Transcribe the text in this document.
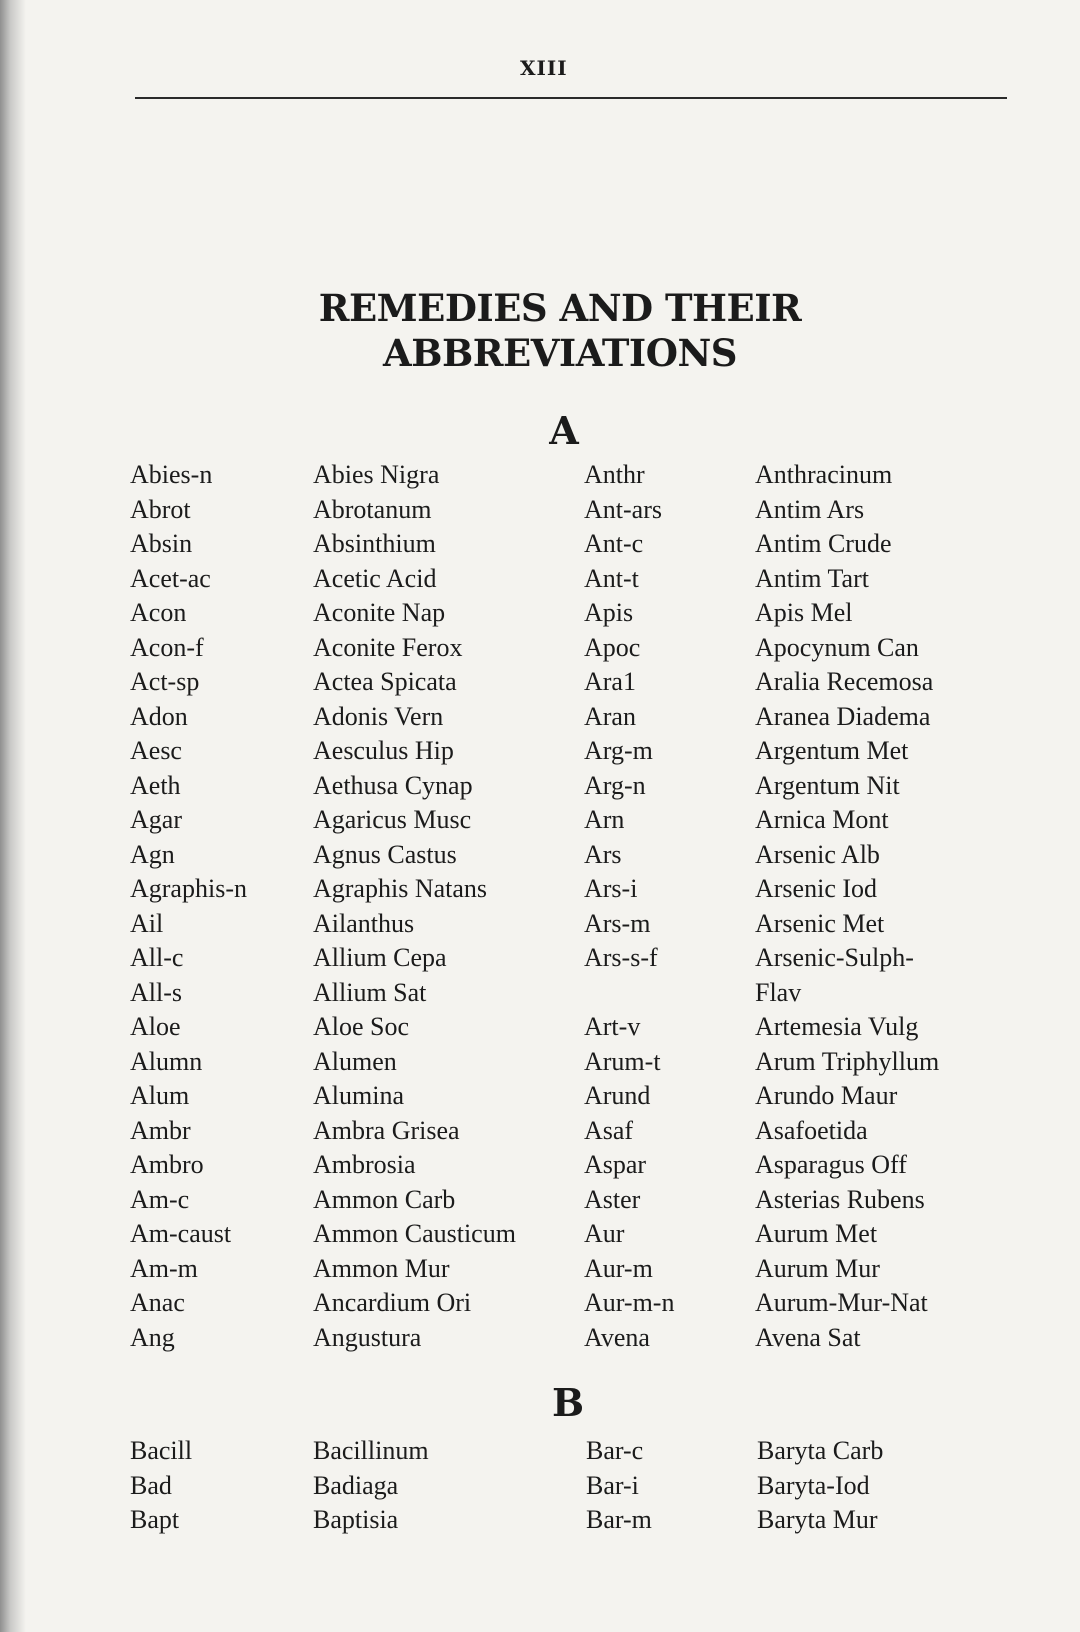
XIII
REMEDIES AND THEIR
ABBREVIATIONS
A
Abies-n
Abrot
Absin
Acet-ac
Acon
Acon-f
Act-sp
Adon
Aesc
Aeth
Agar
Agn
Agraphis-n
Ail
All-c
All-s
Aloe
Alumn
Alum
Ambr
Ambro
Am-c
Am-caust
Am-m
Anac
Ang
Abies Nigra
Abrotanum
Absinthium
Acetic Acid
Aconite Nap
Aconite Ferox
Actea Spicata
Adonis Vern
Aesculus Hip
Aethusa Cynap
Agaricus Musc
Agnus Castus
Agraphis Natans
Ailanthus
Allium Cepa
Allium Sat
Aloe Soc
Alumen
Alumina
Ambra Grisea
Ambrosia
Ammon Carb
Ammon Causticum
Ammon Mur
Ancardium Ori
Angustura
Anthr
Ant-ars
Ant-c
Ant-t
Apis
Apoc
Ara1
Aran
Arg-m
Arg-n
Arn
Ars
Ars-i
Ars-m
Ars-s-f
Art-v
Arum-t
Arund
Asaf
Aspar
Aster
Aur
Aur-m
Aur-m-n
Avena
Anthracinum
Antim Ars
Antim Crude
Antim Tart
Apis Mel
Apocynum Can
Aralia Recemosa
Aranea Diadema
Argentum Met
Argentum Nit
Arnica Mont
Arsenic Alb
Arsenic Iod
Arsenic Met
Arsenic-Sulph-
Flav
Artemesia Vulg
Arum Triphyllum
Arundo Maur
Asafoetida
Asparagus Off
Asterias Rubens
Aurum Met
Aurum Mur
Aurum-Mur-Nat
Avena Sat
B
Bacill
Bad
Bapt
Bacillinum
Badiaga
Baptisia
Bar-c
Bar-i
Bar-m
Baryta Carb
Baryta-Iod
Baryta Mur
